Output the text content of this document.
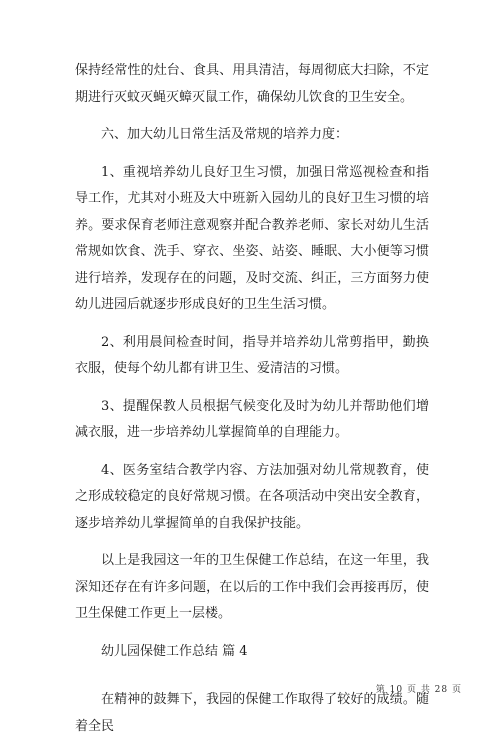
保持经常性的灶台、食具、用具清洁，每周彻底大扫除，不定期进行灭蚊灭蝇灭蟑灭鼠工作，确保幼儿饮食的卫生安全。

六、加大幼儿日常生活及常规的培养力度：

1、重视培养幼儿良好卫生习惯，加强日常巡视检查和指导工作，尤其对小班及大中班新入园幼儿的良好卫生习惯的培养。要求保育老师注意观察并配合教养老师、家长对幼儿生活常规如饮食、洗手、穿衣、坐姿、站姿、睡眠、大小便等习惯进行培养，发现存在的问题，及时交流、纠正，三方面努力使幼儿进园后就逐步形成良好的卫生生活习惯。

2、利用晨间检查时间，指导并培养幼儿常剪指甲，勤换衣服，使每个幼儿都有讲卫生、爱清洁的习惯。

3、提醒保教人员根据气候变化及时为幼儿并帮助他们增减衣服，进一步培养幼儿掌握简单的自理能力。

4、医务室结合教学内容、方法加强对幼儿常规教育，使之形成较稳定的良好常规习惯。在各项活动中突出安全教育，逐步培养幼儿掌握简单的自我保护技能。

以上是我园这一年的卫生保健工作总结，在这一年里，我深知还存在有许多问题，在以后的工作中我们会再接再厉，使卫生保健工作更上一层楼。

幼儿园保健工作总结 篇 4

在精神的鼓舞下，我园的保健工作取得了较好的成绩。随着全民

第 10 页 共 28 页
